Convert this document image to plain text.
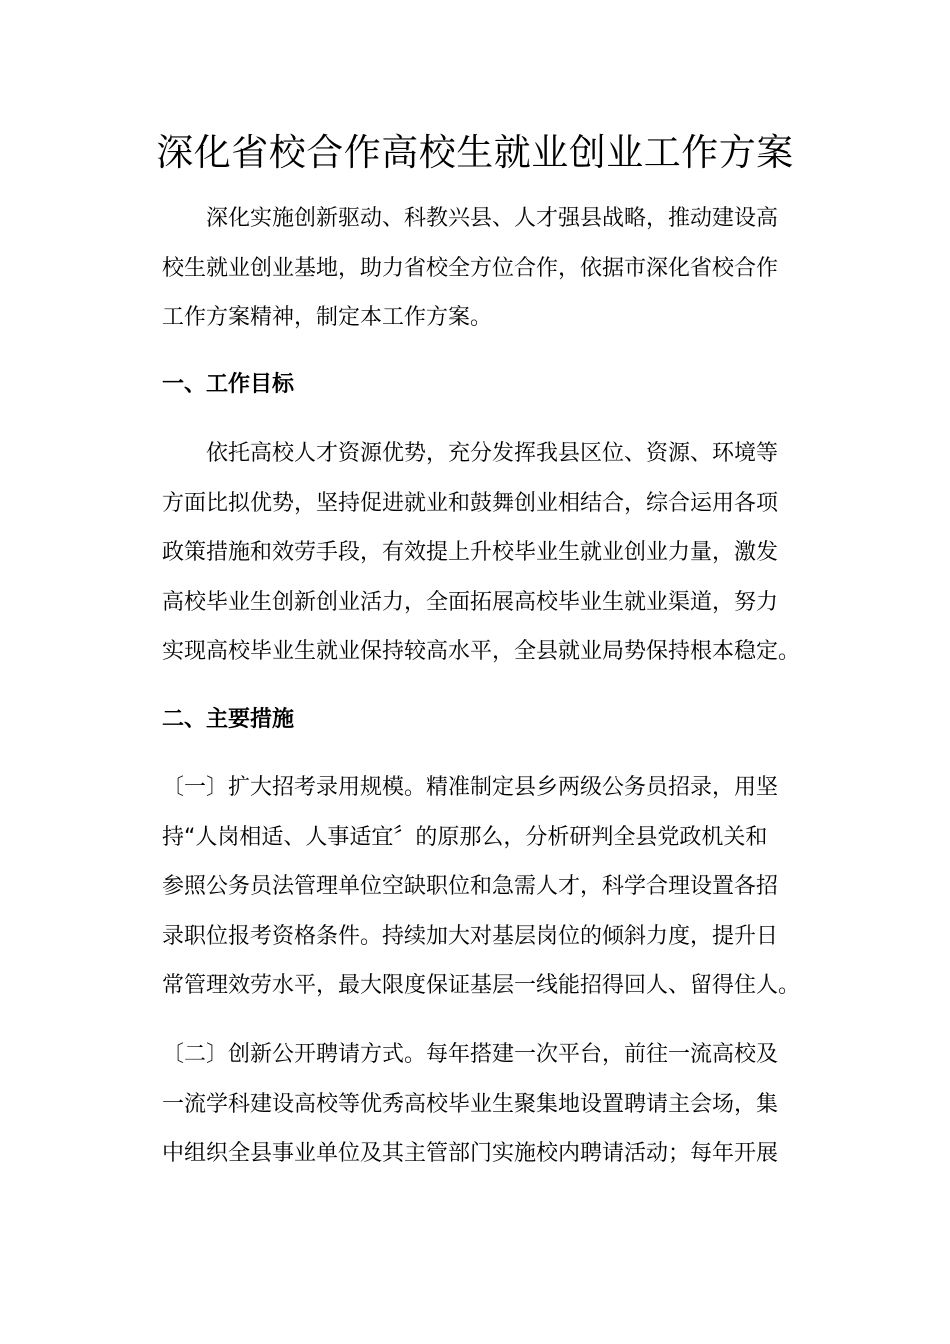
深化省校合作高校生就业创业工作方案

深化实施创新驱动、科教兴县、人才强县战略，推动建设高
校生就业创业基地，助力省校全方位合作，依据市深化省校合作
工作方案精神，制定本工作方案。

一、工作目标

依托高校人才资源优势，充分发挥我县区位、资源、环境等
方面比拟优势，坚持促进就业和鼓舞创业相结合，综合运用各项
政策措施和效劳手段，有效提上升校毕业生就业创业力量，激发
高校毕业生创新创业活力，全面拓展高校毕业生就业渠道，努力
实现高校毕业生就业保持较高水平，全县就业局势保持根本稳定。

二、主要措施

〔一〕扩大招考录用规模。精准制定县乡两级公务员招录，用坚
持“人岗相适、人事适宜〞的原那么，分析研判全县党政机关和
参照公务员法管理单位空缺职位和急需人才，科学合理设置各招
录职位报考资格条件。持续加大对基层岗位的倾斜力度，提升日
常管理效劳水平，最大限度保证基层一线能招得回人、留得住人。

〔二〕创新公开聘请方式。每年搭建一次平台，前往一流高校及
一流学科建设高校等优秀高校毕业生聚集地设置聘请主会场，集
中组织全县事业单位及其主管部门实施校内聘请活动；每年开展
